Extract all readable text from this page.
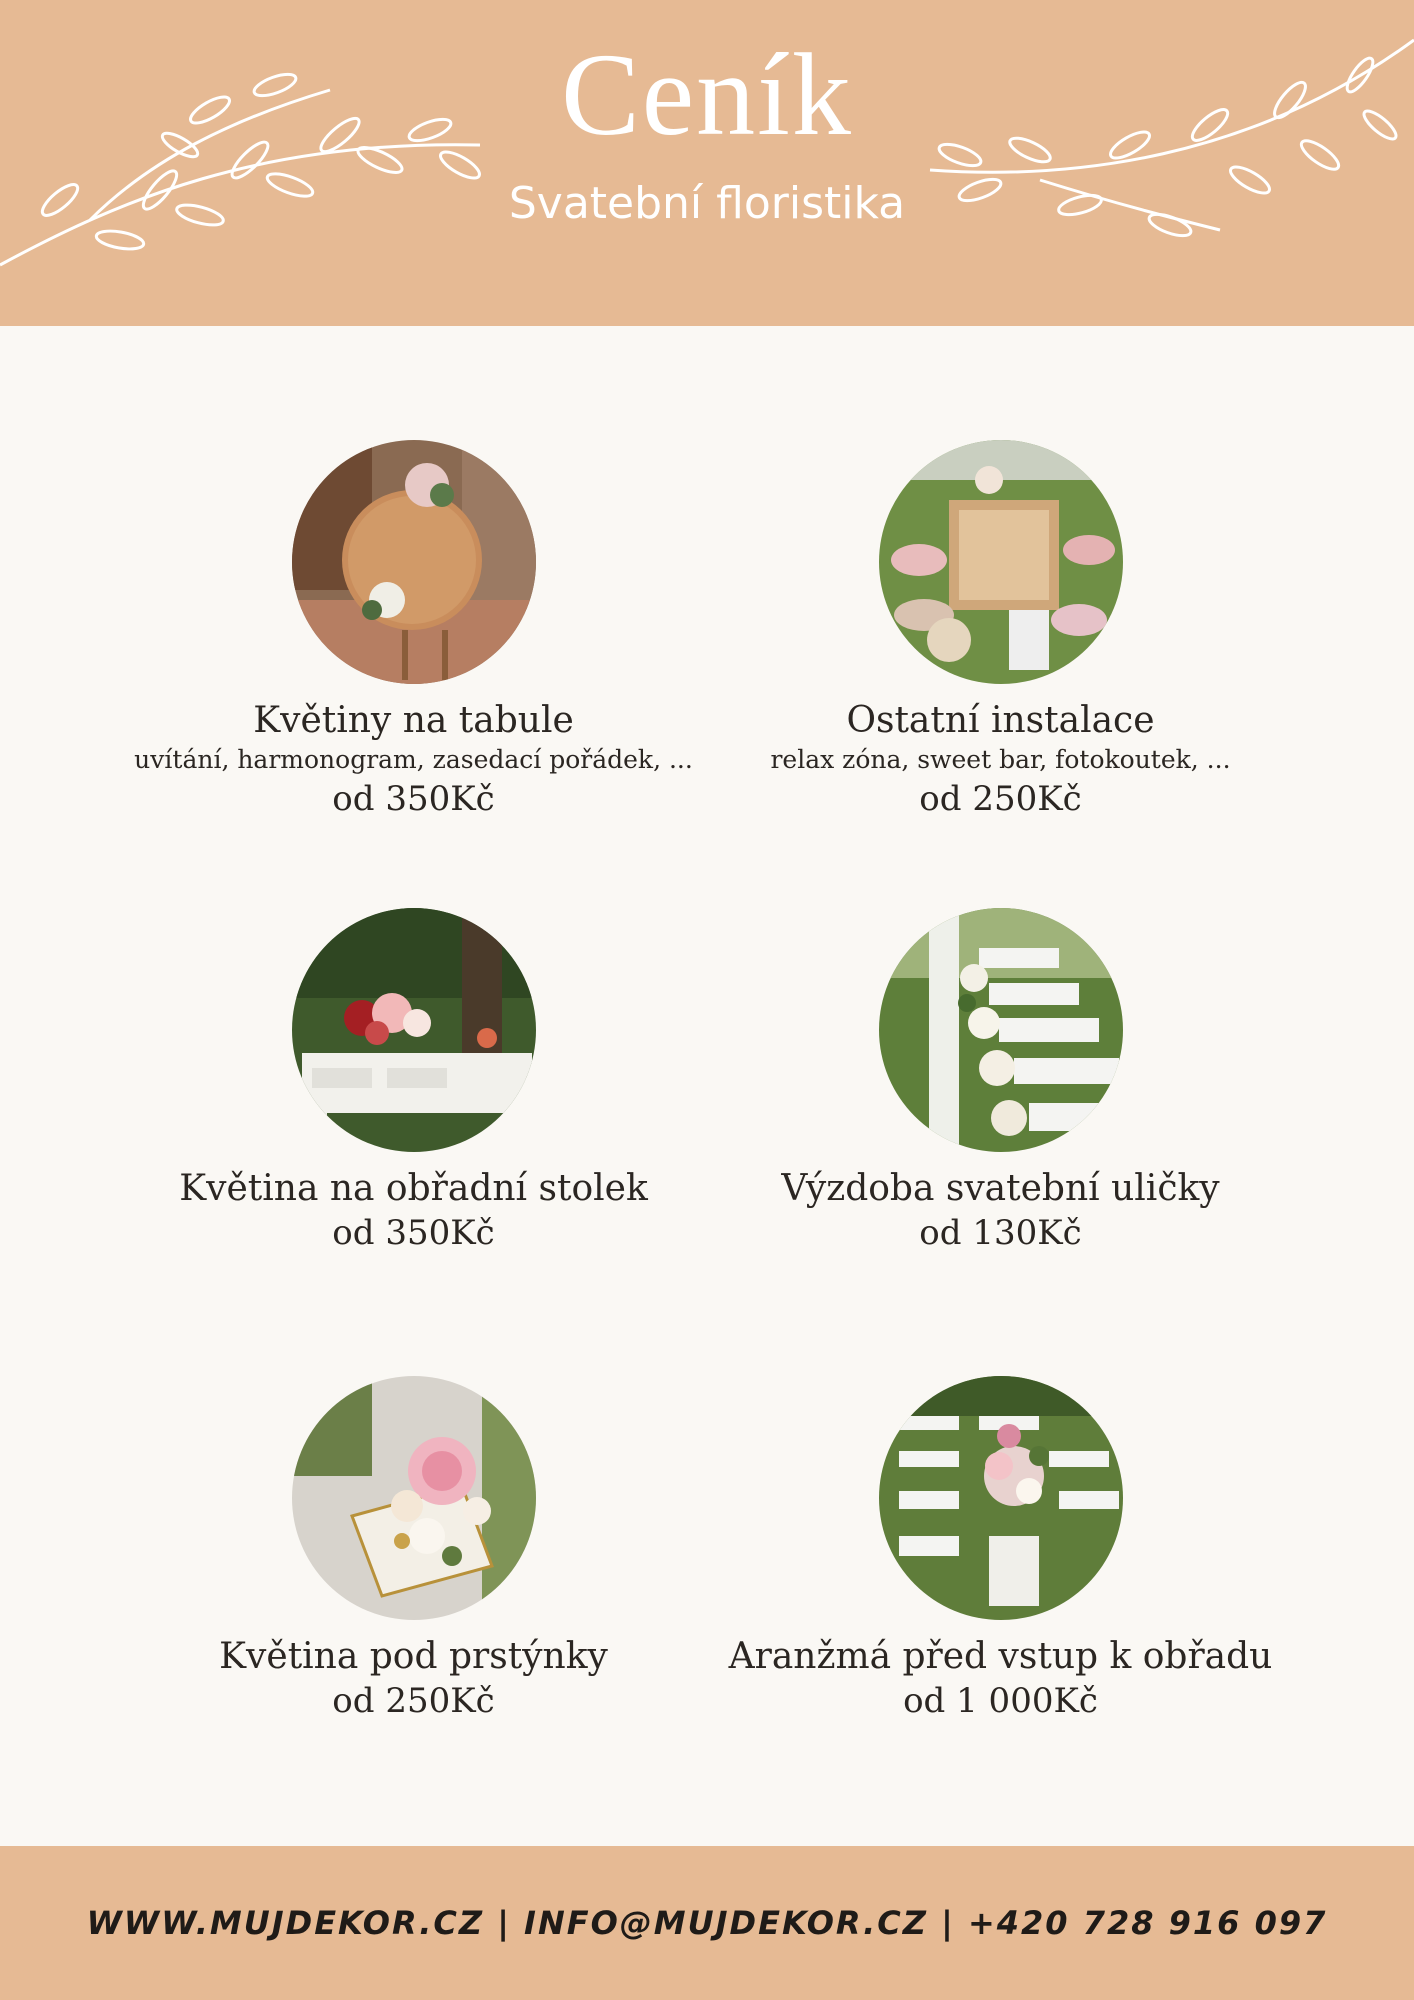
Ceník
Svatební floristika
Květiny na tabule
uvítání, harmonogram, zasedací pořádek, ...
od 350Kč
Ostatní instalace
relax zóna, sweet bar, fotokoutek, ...
od 250Kč
Květina na obřadní stolek
od 350Kč
Výzdoba svatební uličky
od 130Kč
Květina pod prstýnky
od 250Kč
Aranžmá před vstup k obřadu
od 1 000Kč
WWW.MUJDEKOR.CZ | INFO@MUJDEKOR.CZ | +420 728 916 097
